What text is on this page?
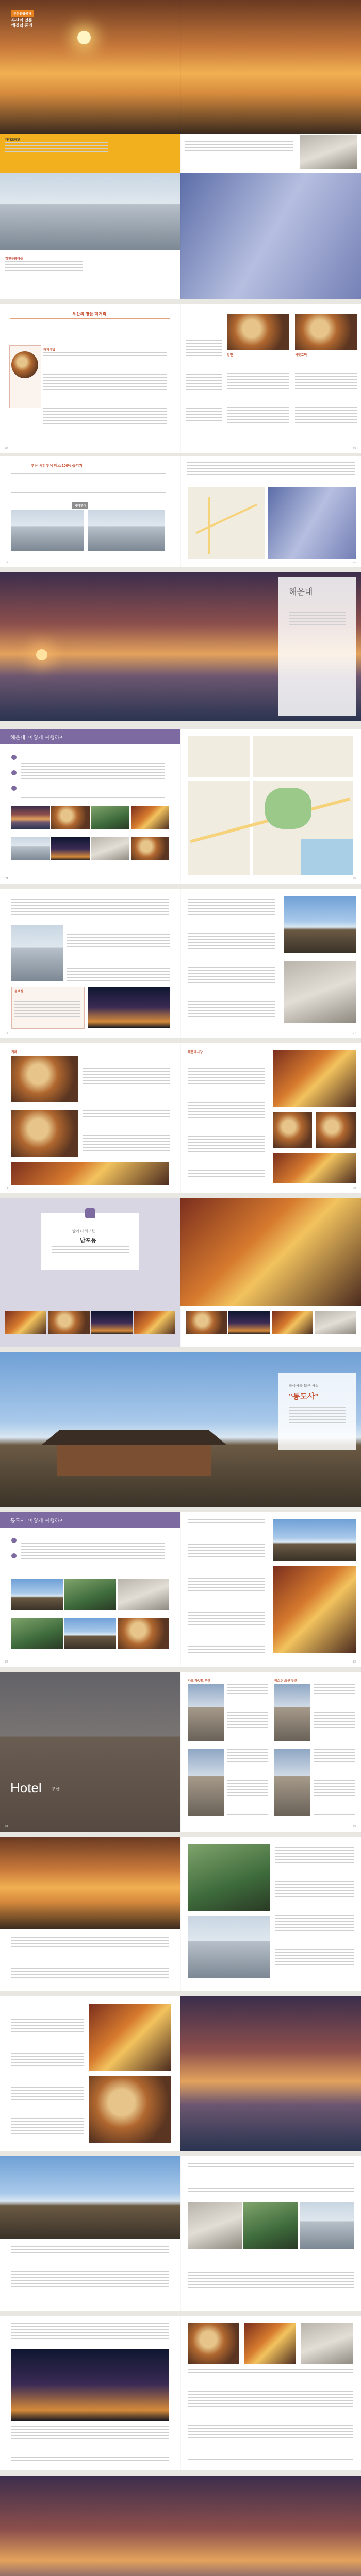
부산관광공사
부산의 일몰
해질녘 풍경
다대포해변
감천문화마을
부산의 명물 먹거리
돼지국밥
68
밀면	씨앗호떡
69
부산 시티투어 버스 100% 즐기기
시티투어
70	71
해운대
해운대, 이렇게 여행하자
74	75
동백섬
76	77
카페
78
해운대시장
79
밤이 더 화려한
남포동
불국사를 닮은 사찰
"통도사"
통도사, 이렇게 여행하자
82	83
Hotel 부산
84
파크 하얏트 부산	웨스틴 조선 부산
85
